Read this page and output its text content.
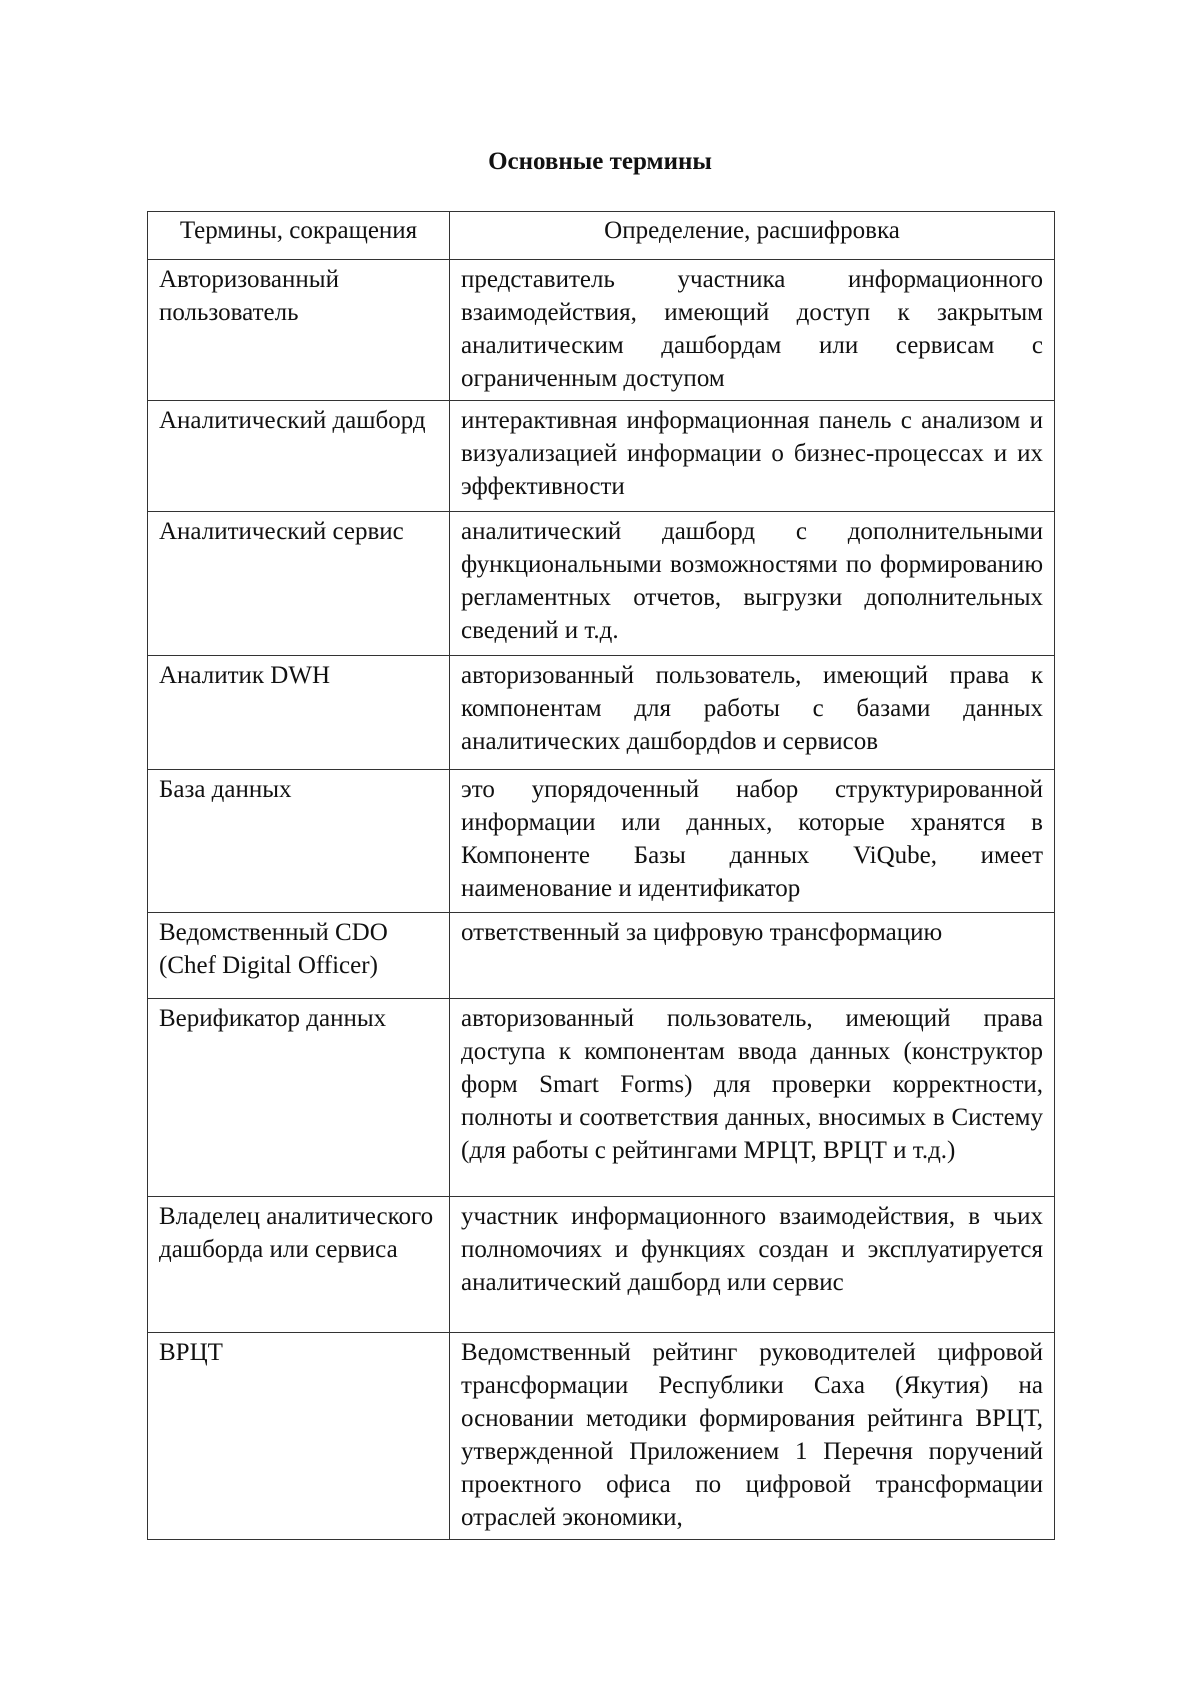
Основные термины
Термины, сокращения	Определение, расшифровка
Авторизованный пользователь	представитель участника информационного взаимодействия, имеющий доступ к закрытым аналитическим дашбордам или сервисам с ограниченным доступом
Аналитический дашборд	интерактивная информационная панель с анализом и визуализацией информации о бизнес-процессах и их эффективности
Аналитический сервис	аналитический дашборд с дополнительными функциональными возможностями по формированию регламентных отчетов, выгрузки дополнительных сведений и т.д.
Аналитик DWH	авторизованный пользователь, имеющий права к компонентам для работы с базами данных аналитических дашбордdов и сервисов
База данных	это упорядоченный набор структурированной информации или данных, которые хранятся в Компоненте Базы данных ViQube, имеет наименование и идентификатор
Ведомственный CDO (Chef Digital Officer)	ответственный за цифровую трансформацию
Верификатор данных	авторизованный пользователь, имеющий права доступа к компонентам ввода данных (конструктор форм Smart Forms) для проверки корректности, полноты и соответствия данных, вносимых в Систему (для работы с рейтингами МРЦТ, ВРЦТ и т.д.)
Владелец аналитического дашборда или сервиса	участник информационного взаимодействия, в чьих полномочиях и функциях создан и эксплуатируется аналитический дашборд или сервис
ВРЦТ	Ведомственный рейтинг руководителей цифровой трансформации Республики Саха (Якутия) на основании методики формирования рейтинга ВРЦТ, утвержденной Приложением 1 Перечня поручений проектного офиса по цифровой трансформации отраслей экономики,
